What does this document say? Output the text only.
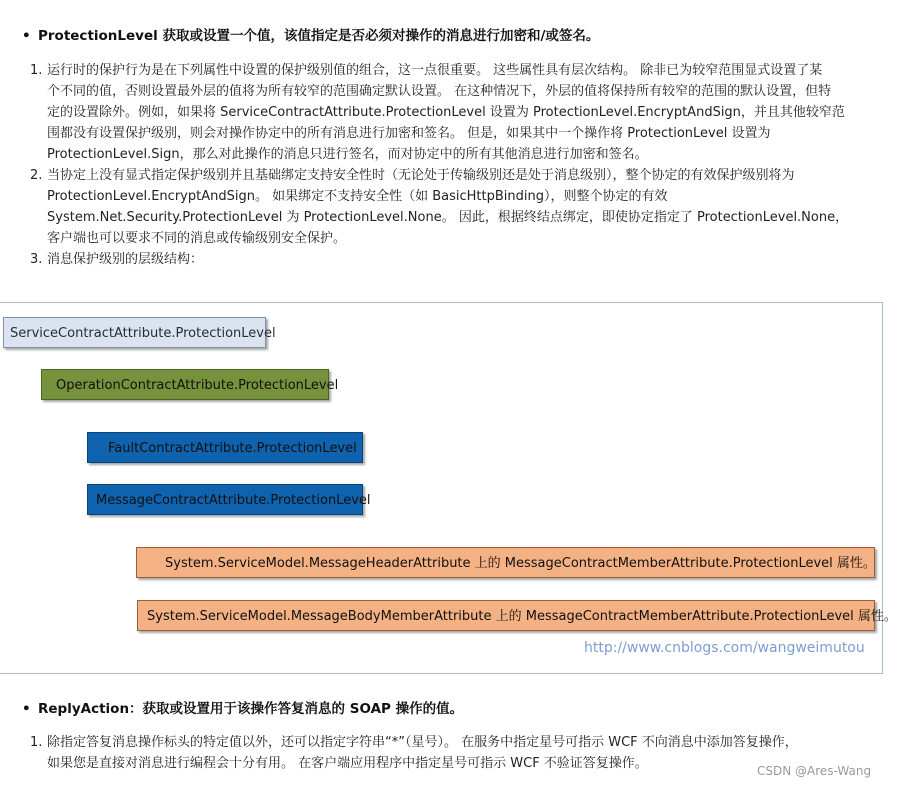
• ProtectionLevel 获取或设置一个值，该值指定是否必须对操作的消息进行加密和/或签名。
1. 运行时的保护行为是在下列属性中设置的保护级别值的组合，这一点很重要。 这些属性具有层次结构。 除非已为较窄范围显式设置了某
个不同的值，否则设置最外层的值将为所有较窄的范围确定默认设置。 在这种情况下，外层的值将保持所有较窄的范围的默认设置，但特
定的设置除外。例如，如果将 ServiceContractAttribute.ProtectionLevel 设置为 ProtectionLevel.EncryptAndSign，并且其他较窄范
围都没有设置保护级别，则会对操作协定中的所有消息进行加密和签名。 但是，如果其中一个操作将 ProtectionLevel 设置为
ProtectionLevel.Sign，那么对此操作的消息只进行签名，而对协定中的所有其他消息进行加密和签名。
2. 当协定上没有显式指定保护级别并且基础绑定支持安全性时（无论处于传输级别还是处于消息级别），整个协定的有效保护级别将为
ProtectionLevel.EncryptAndSign。 如果绑定不支持安全性（如 BasicHttpBinding），则整个协定的有效
System.Net.Security.ProtectionLevel 为 ProtectionLevel.None。 因此，根据终结点绑定，即使协定指定了 ProtectionLevel.None，
客户端也可以要求不同的消息或传输级别安全保护。
3. 消息保护级别的层级结构：
ServiceContractAttribute.ProtectionLevel
OperationContractAttribute.ProtectionLevel
FaultContractAttribute.ProtectionLevel
MessageContractAttribute.ProtectionLevel
System.ServiceModel.MessageHeaderAttribute 上的 MessageContractMemberAttribute.ProtectionLevel 属性。
System.ServiceModel.MessageBodyMemberAttribute 上的 MessageContractMemberAttribute.ProtectionLevel 属性。
http://www.cnblogs.com/wangweimutou
• ReplyAction：获取或设置用于该操作答复消息的 SOAP 操作的值。
1. 除指定答复消息操作标头的特定值以外，还可以指定字符串“*”（星号）。 在服务中指定星号可指示 WCF 不向消息中添加答复操作，
如果您是直接对消息进行编程会十分有用。 在客户端应用程序中指定星号可指示 WCF 不验证答复操作。	CSDN @Ares-Wang
